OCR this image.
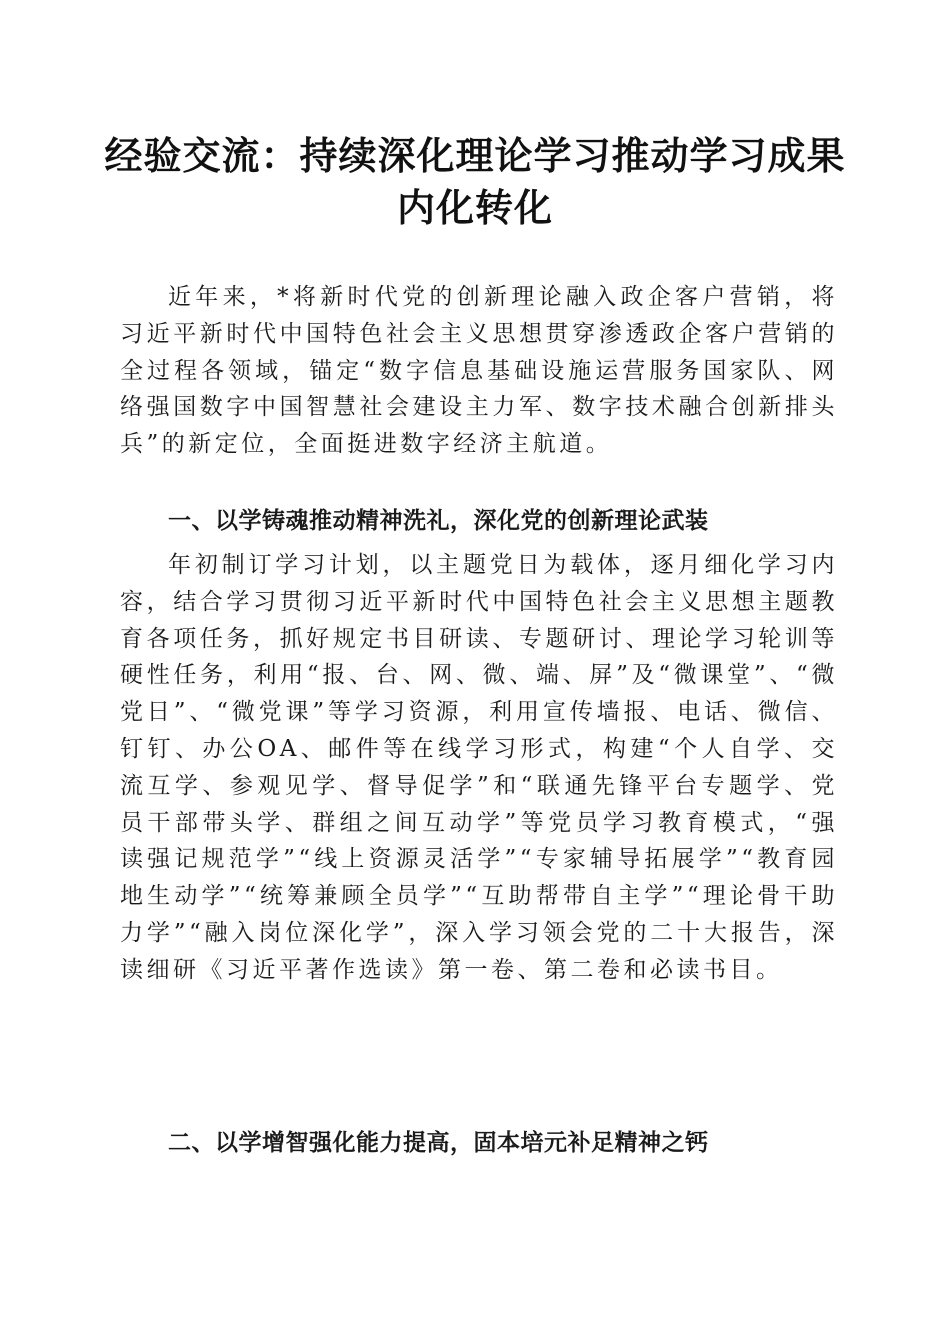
经验交流：持续深化理论学习推动学习成果内化转化

近年来，*将新时代党的创新理论融入政企客户营销，将习近平新时代中国特色社会主义思想贯穿渗透政企客户营销的全过程各领域，锚定“数字信息基础设施运营服务国家队、网络强国数字中国智慧社会建设主力军、数字技术融合创新排头兵”的新定位，全面挺进数字经济主航道。

一、以学铸魂推动精神洗礼，深化党的创新理论武装

年初制订学习计划，以主题党日为载体，逐月细化学习内容，结合学习贯彻习近平新时代中国特色社会主义思想主题教育各项任务，抓好规定书目研读、专题研讨、理论学习轮训等硬性任务，利用“报、台、网、微、端、屏”及“微课堂”、“微党日”、“微党课”等学习资源，利用宣传墙报、电话、微信、钉钉、办公OA、邮件等在线学习形式，构建“个人自学、交流互学、参观见学、督导促学”和“联通先锋平台专题学、党员干部带头学、群组之间互动学”等党员学习教育模式，“强读强记规范学”“线上资源灵活学”“专家辅导拓展学”“教育园地生动学”“统筹兼顾全员学”“互助帮带自主学”“理论骨干助力学”“融入岗位深化学”，深入学习领会党的二十大报告，深读细研《习近平著作选读》第一卷、第二卷和必读书目。

二、以学增智强化能力提高，固本培元补足精神之钙
